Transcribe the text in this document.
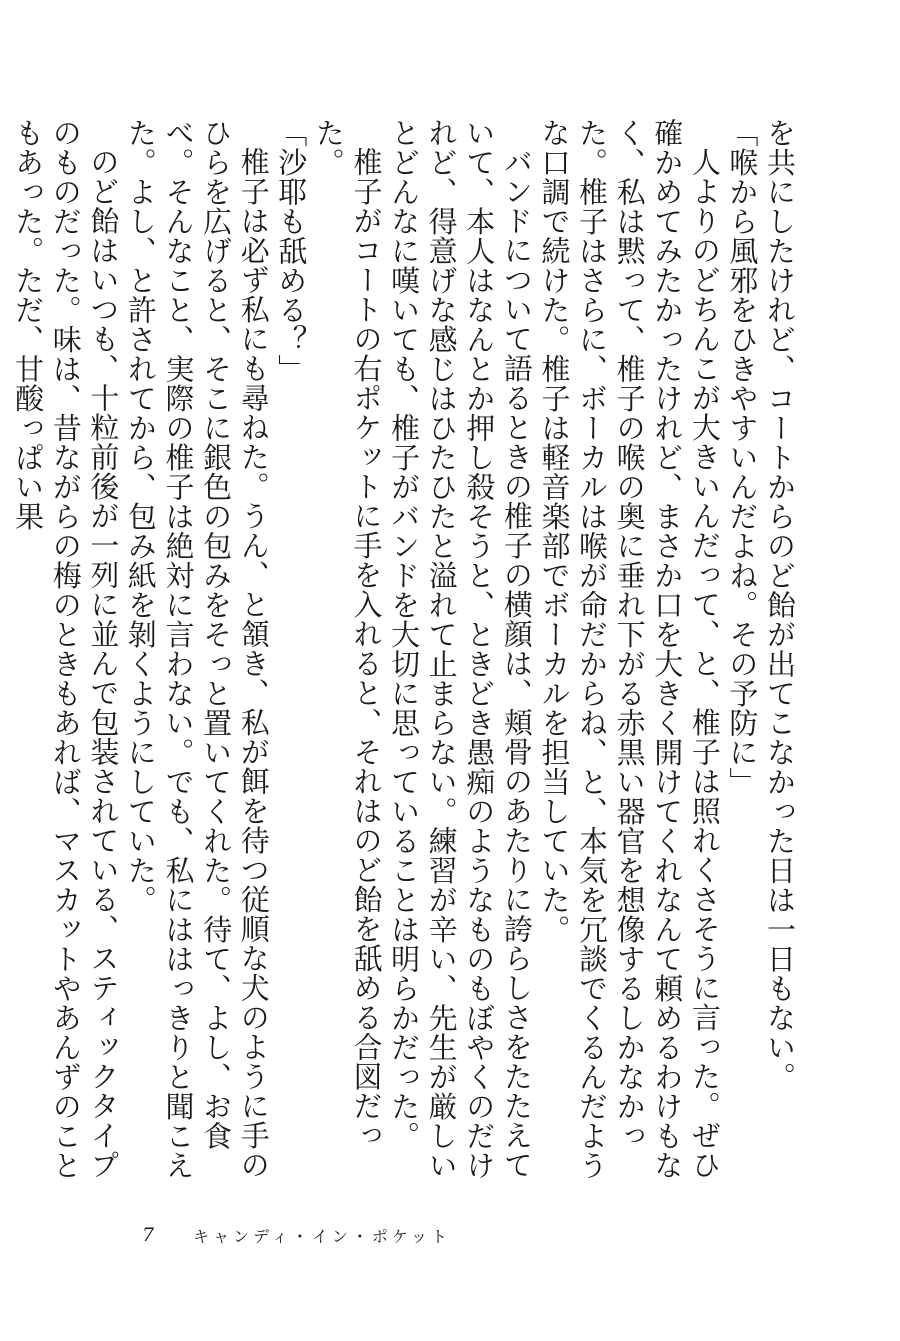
を共にしたけれど、コートからのど飴が出てこなかった日は一日もない。

「喉から風邪をひきやすいんだよね。その予防に」

人よりのどちんこが大きいんだって、と、椎子は照れくさそうに言った。ぜひ確かめてみたかったけれど、まさか口を大きく開けてくれなんて頼めるわけもなく、私は黙って、椎子の喉の奥に垂れ下がる赤黒い器官を想像するしかなかった。椎子はさらに、ボーカルは喉が命だからね、と、本気を冗談でくるんだような口調で続けた。椎子は軽音楽部でボーカルを担当していた。

バンドについて語るときの椎子の横顔は、頬骨のあたりに誇らしさをたたえていて、本人はなんとか押し殺そうと、ときどき愚痴のようなものもぼやくのだけれど、得意げな感じはひたひたと溢れて止まらない。練習が辛い、先生が厳しいとどんなに嘆いても、椎子がバンドを大切に思っていることは明らかだった。

椎子がコートの右ポケットに手を入れると、それはのど飴を舐める合図だった。

「沙耶も舐める？」

椎子は必ず私にも尋ねた。うん、と頷き、私が餌を待つ従順な犬のように手のひらを広げると、そこに銀色の包みをそっと置いてくれた。待て、よし、お食べ。そんなこと、実際の椎子は絶対に言わない。でも、私にははっきりと聞こえた。よし、と許されてから、包み紙を剝くようにしていた。

のど飴はいつも、十粒前後が一列に並んで包装されている、スティックタイプのものだった。味は、昔ながらの梅のときもあれば、マスカットやあんずのこともあった。ただ、甘酸っぱい果

7 キャンディ・イン・ポケット
